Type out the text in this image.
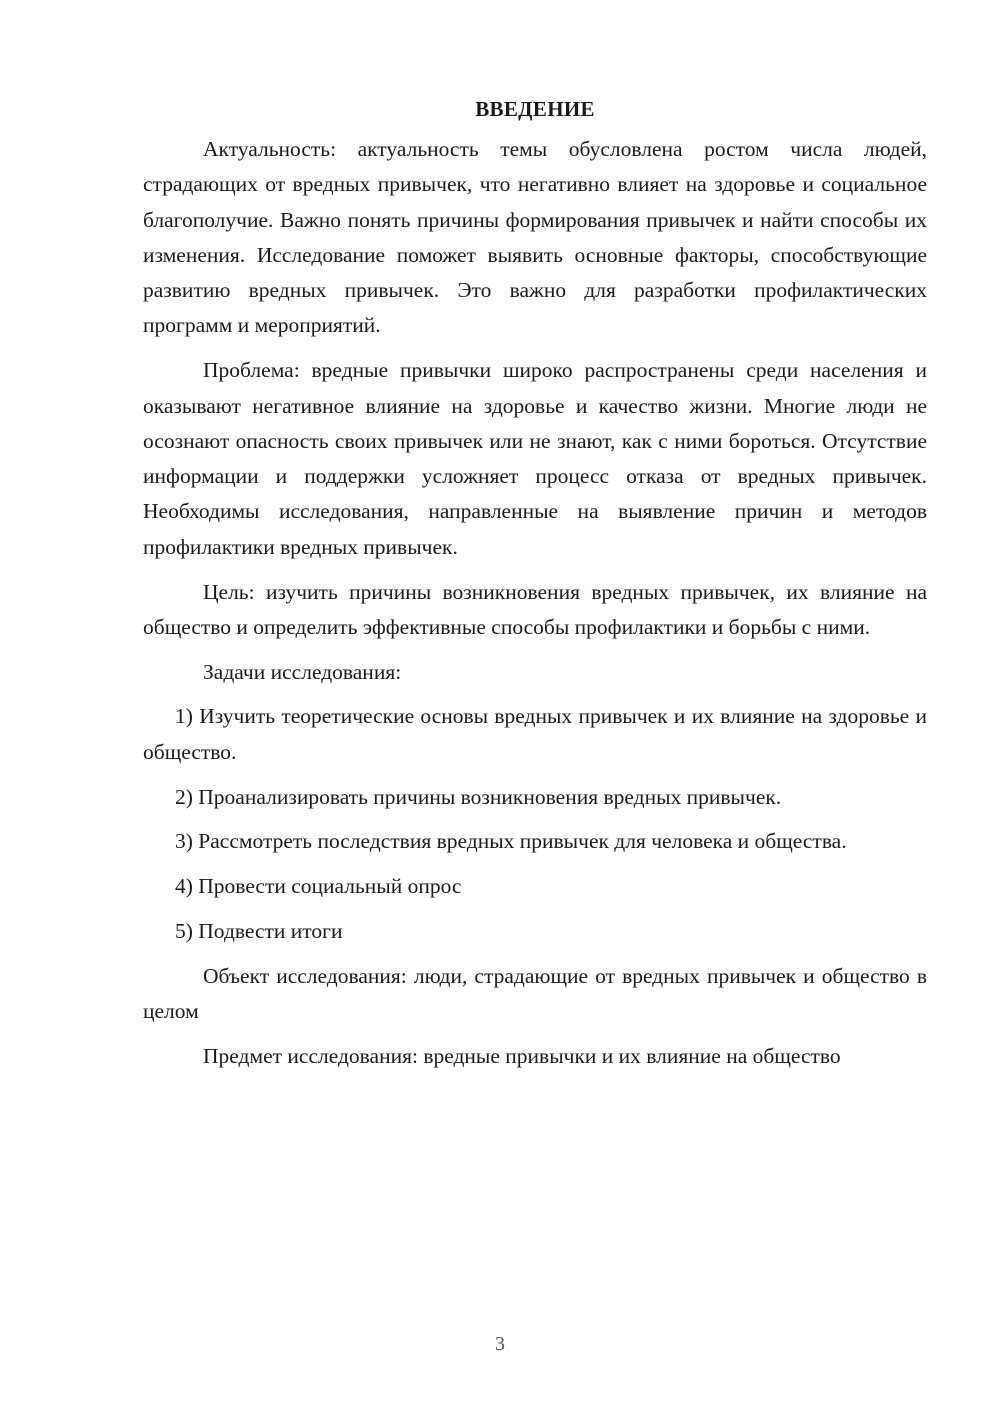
ВВЕДЕНИЕ

Актуальность: актуальность темы обусловлена ростом числа людей, страдающих от вредных привычек, что негативно влияет на здоровье и социальное благополучие. Важно понять причины формирования привычек и найти способы их изменения. Исследование поможет выявить основные факторы, способствующие развитию вредных привычек. Это важно для разработки профилактических программ и мероприятий.

Проблема: вредные привычки широко распространены среди населения и оказывают негативное влияние на здоровье и качество жизни. Многие люди не осознают опасность своих привычек или не знают, как с ними бороться. Отсутствие информации и поддержки усложняет процесс отказа от вредных привычек. Необходимы исследования, направленные на выявление причин и методов профилактики вредных привычек.

Цель: изучить причины возникновения вредных привычек, их влияние на общество и определить эффективные способы профилактики и борьбы с ними.

Задачи исследования:

1) Изучить теоретические основы вредных привычек и их влияние на здоровье и общество.

2) Проанализировать причины возникновения вредных привычек.

3) Рассмотреть последствия вредных привычек для человека и общества.

4) Провести социальный опрос

5) Подвести итоги

Объект исследования: люди, страдающие от вредных привычек и общество в целом

Предмет исследования: вредные привычки и их влияние на общество

3
